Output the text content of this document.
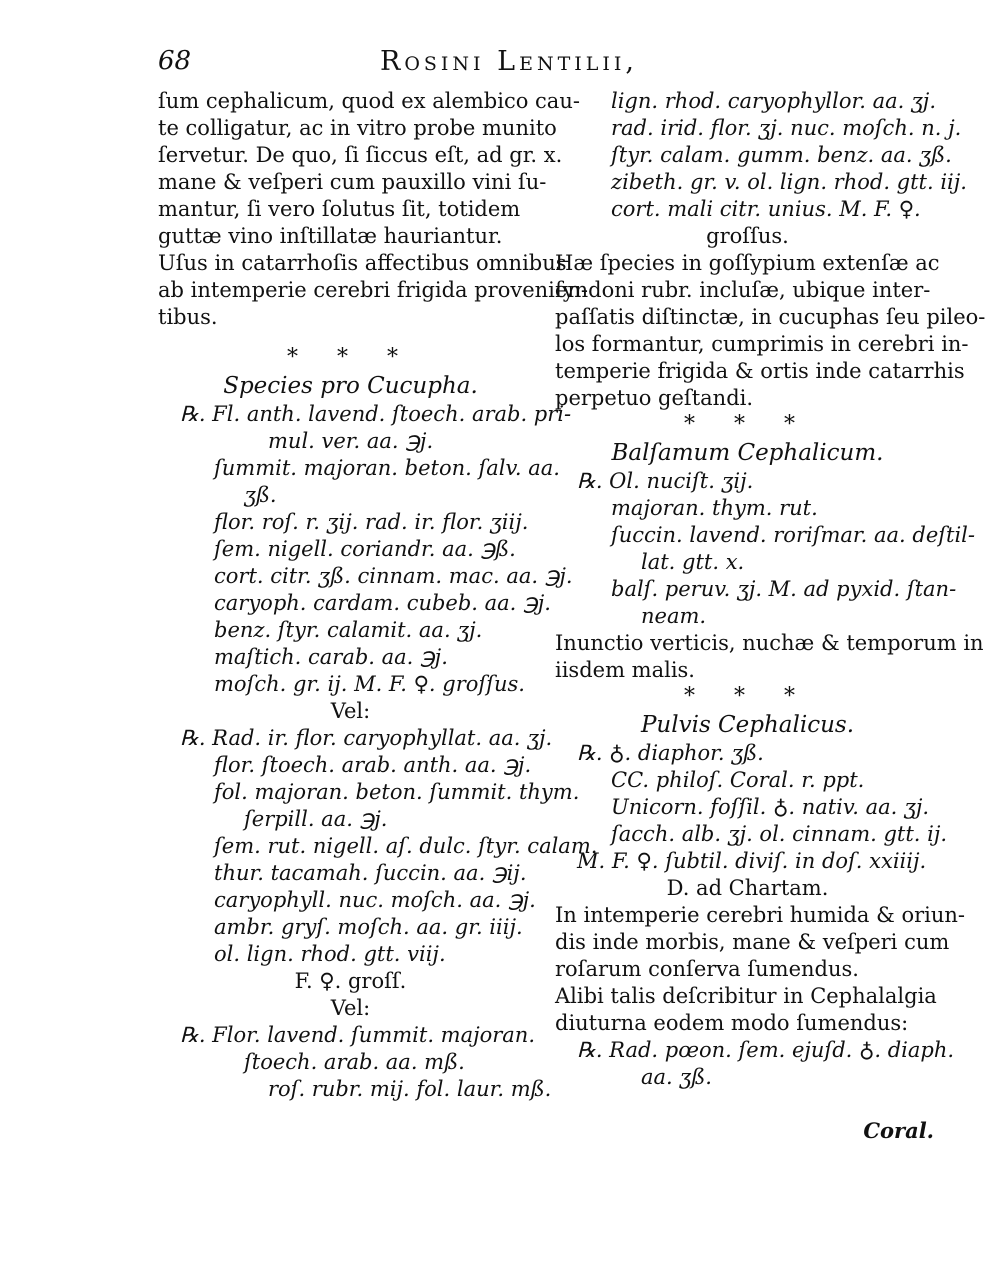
68	Rosini Lentilii,
ſum cephalicum, quod ex alembico cau-
te colligatur, ac in vitro probe munito
ſervetur. De quo, ſi ſiccus eſt, ad gr. x.
mane & veſperi cum pauxillo vini ſu-
mantur, ſi vero ſolutus ſit, totidem
guttæ vino inſtillatæ hauriantur.
Uſus in catarrhoſis affectibus omnibus
ab intemperie cerebri frigida provenien-
tibus.
* * *
Species pro Cucupha.
℞. Fl. anth. lavend. ſtoech. arab. pri-
mul. ver. aa. ℈j.
ſummit. majoran. beton. ſalv. aa.
ʒß.
flor. roſ. r. ʒij. rad. ir. flor. ʒiij.
ſem. nigell. coriandr. aa. ℈ß.
cort. citr. ʒß. cinnam. mac. aa. ℈j.
caryoph. cardam. cubeb. aa. ℈j.
benz. ſtyr. calamit. aa. ʒj.
maſtich. carab. aa. ℈j.
moſch. gr. ij. M. F. ♀. groſſus.
Vel:
℞. Rad. ir. flor. caryophyllat. aa. ʒj.
flor. ſtoech. arab. anth. aa. ℈j.
fol. majoran. beton. ſummit. thym.
ſerpill. aa. ℈j.
ſem. rut. nigell. aſ. dulc. ſtyr. calam.
thur. tacamah. ſuccin. aa. ℈ij.
caryophyll. nuc. moſch. aa. ℈j.
ambr. gryſ. moſch. aa. gr. iiij.
ol. lign. rhod. gtt. viij.
F. ♀. groſſ.
Vel:
℞. Flor. lavend. ſummit. majoran.
ſtoech. arab. aa. mß.
roſ. rubr. mij. fol. laur. mß.
lign. rhod. caryophyllor. aa. ʒj.
rad. irid. flor. ʒj. nuc. moſch. n. j.
ſtyr. calam. gumm. benz. aa. ʒß.
zibeth. gr. v. ol. lign. rhod. gtt. iij.
cort. mali citr. unius. M. F. ♀.
groſſus.
Hæ ſpecies in goſſypium extenſæ ac
ſyndoni rubr. incluſæ, ubique inter-
paſſatis diſtinctæ, in cucuphas ſeu pileo-
los formantur, cumprimis in cerebri in-
temperie frigida & ortis inde catarrhis
perpetuo geſtandi.
* * *
Balſamum Cephalicum.
℞. Ol. nuciſt. ʒij.
majoran. thym. rut.
ſuccin. lavend. roriſmar. aa. deſtil-
lat. gtt. x.
balſ. peruv. ʒj. M. ad pyxid. ſtan-
neam.
Inunctio verticis, nuchæ & temporum in
iisdem malis.
* * *
Pulvis Cephalicus.
℞. ♁. diaphor. ʒß.
CC. philoſ. Coral. r. ppt.
Unicorn. foſſil. ♁. nativ. aa. ʒj.
ſacch. alb. ʒj. ol. cinnam. gtt. ij.
M. F. ♀. ſubtil. diviſ. in doſ. xxiiij.
D. ad Chartam.
In intemperie cerebri humida & oriun-
dis inde morbis, mane & veſperi cum
roſarum conſerva ſumendus.
Alibi talis deſcribitur in Cephalalgia
diuturna eodem modo ſumendus:
℞. Rad. pœon. ſem. ejuſd. ♁. diaph.
aa. ʒß.
Coral.
